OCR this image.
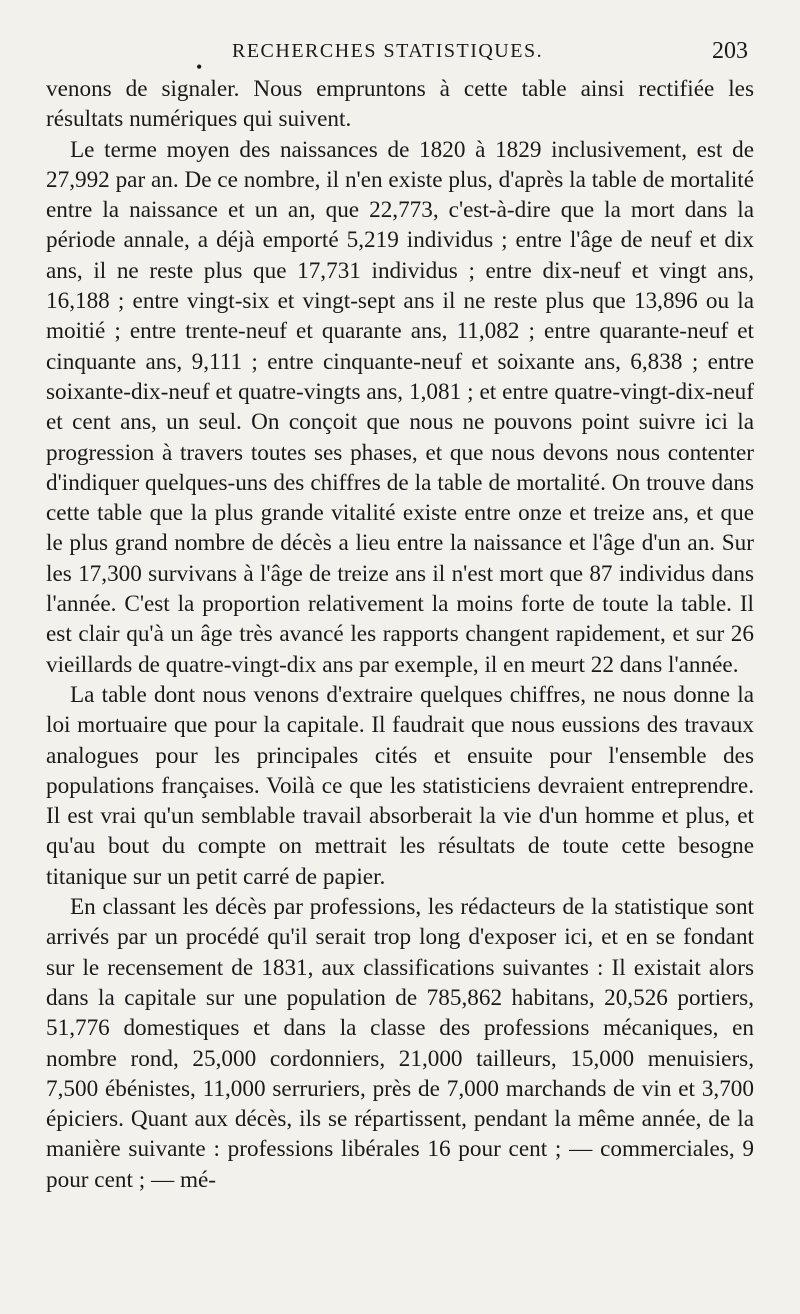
•
RECHERCHES STATISTIQUES.	203

venons de signaler. Nous empruntons à cette table ainsi rectifiée les résultats numériques qui suivent.

Le terme moyen des naissances de 1820 à 1829 inclusivement, est de 27,992 par an. De ce nombre, il n'en existe plus, d'après la table de mortalité entre la naissance et un an, que 22,773, c'est-à-dire que la mort dans la période annale, a déjà emporté 5,219 individus ; entre l'âge de neuf et dix ans, il ne reste plus que 17,731 individus ; entre dix-neuf et vingt ans, 16,188 ; entre vingt-six et vingt-sept ans il ne reste plus que 13,896 ou la moitié ; entre trente-neuf et quarante ans, 11,082 ; entre quarante-neuf et cinquante ans, 9,111 ; entre cinquante-neuf et soixante ans, 6,838 ; entre soixante-dix-neuf et quatre-vingts ans, 1,081 ; et entre quatre-vingt-dix-neuf et cent ans, un seul. On conçoit que nous ne pouvons point suivre ici la progression à travers toutes ses phases, et que nous devons nous contenter d'indiquer quelques-uns des chiffres de la table de mortalité. On trouve dans cette table que la plus grande vitalité existe entre onze et treize ans, et que le plus grand nombre de décès a lieu entre la naissance et l'âge d'un an. Sur les 17,300 survivans à l'âge de treize ans il n'est mort que 87 individus dans l'année. C'est la proportion relativement la moins forte de toute la table. Il est clair qu'à un âge très avancé les rapports changent rapidement, et sur 26 vieillards de quatre-vingt-dix ans par exemple, il en meurt 22 dans l'année.

La table dont nous venons d'extraire quelques chiffres, ne nous donne la loi mortuaire que pour la capitale. Il faudrait que nous eussions des travaux analogues pour les principales cités et ensuite pour l'ensemble des populations françaises. Voilà ce que les statisticiens devraient entreprendre. Il est vrai qu'un semblable travail absorberait la vie d'un homme et plus, et qu'au bout du compte on mettrait les résultats de toute cette besogne titanique sur un petit carré de papier.

En classant les décès par professions, les rédacteurs de la statistique sont arrivés par un procédé qu'il serait trop long d'exposer ici, et en se fondant sur le recensement de 1831, aux classifications suivantes : Il existait alors dans la capitale sur une population de 785,862 habitans, 20,526 portiers, 51,776 domestiques et dans la classe des professions mécaniques, en nombre rond, 25,000 cordonniers, 21,000 tailleurs, 15,000 menuisiers, 7,500 ébénistes, 11,000 serruriers, près de 7,000 marchands de vin et 3,700 épiciers. Quant aux décès, ils se répartissent, pendant la même année, de la manière suivante : professions libérales 16 pour cent ; — commerciales, 9 pour cent ; — mé-
